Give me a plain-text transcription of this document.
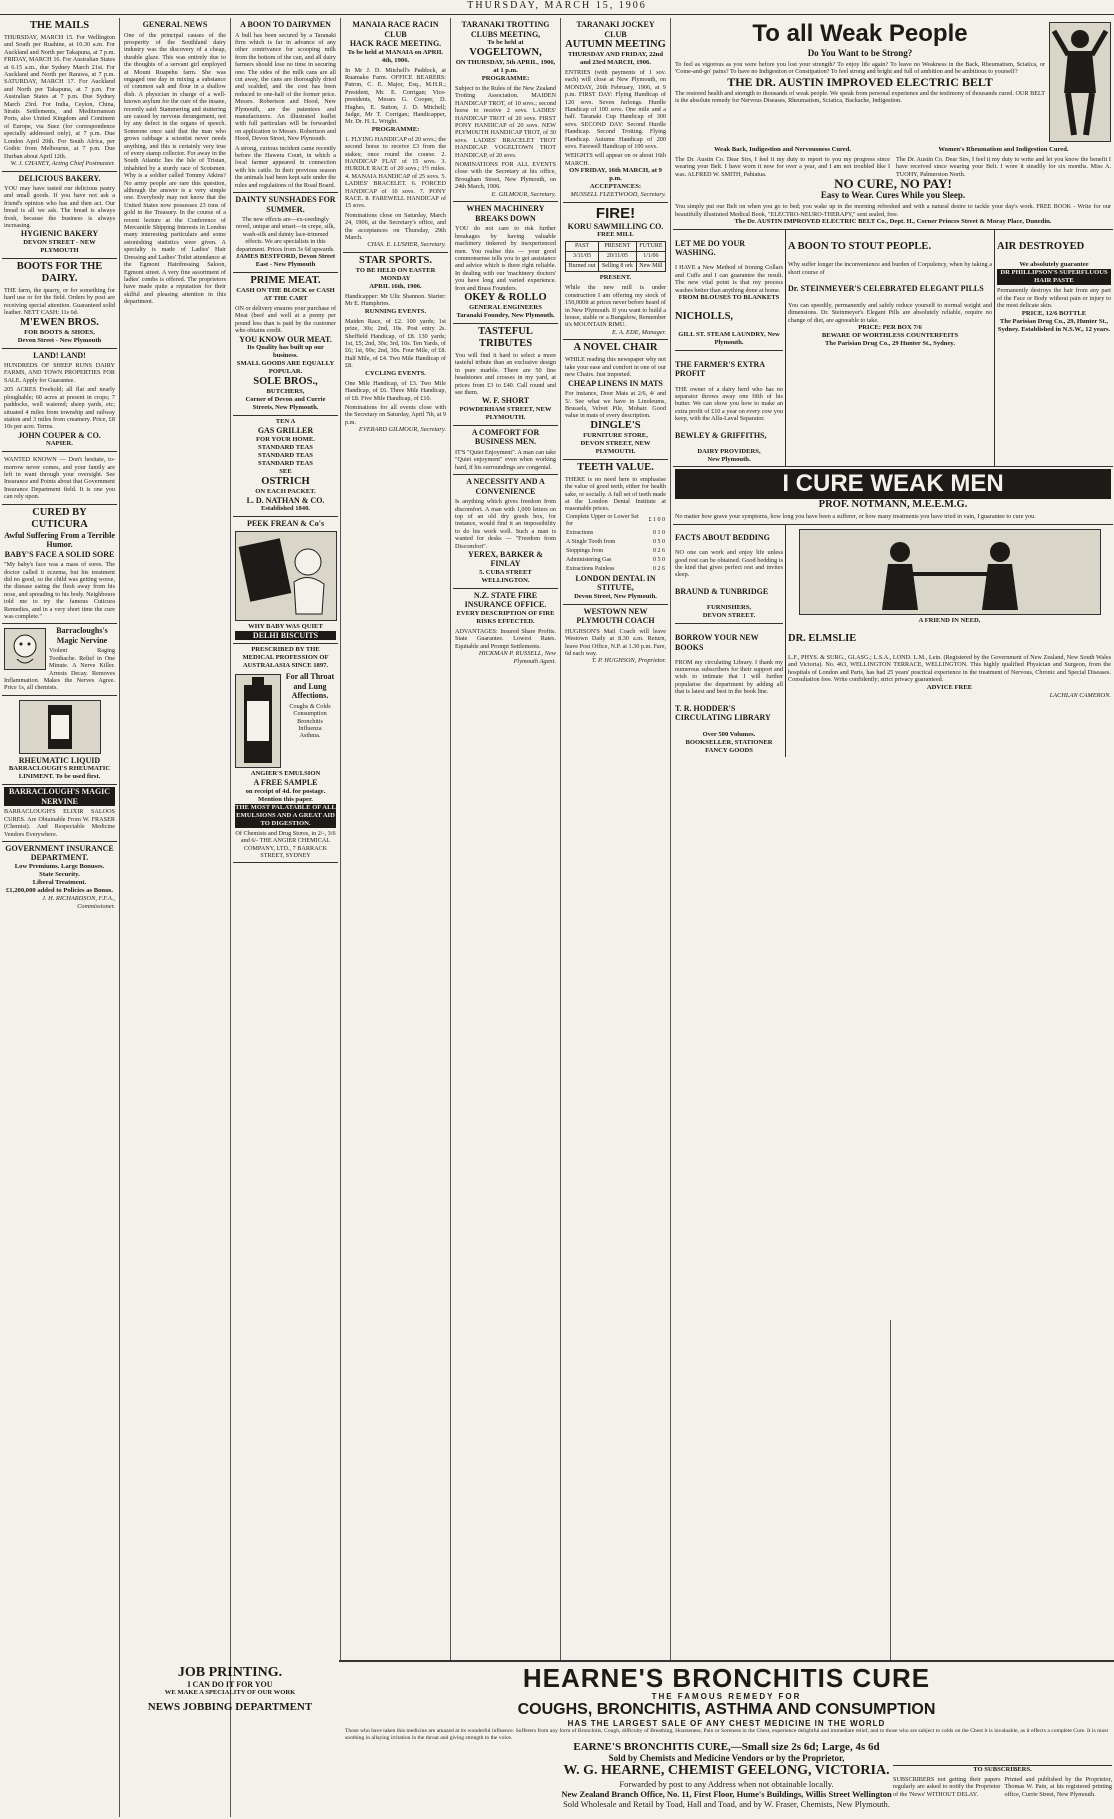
THURSDAY, MARCH 15, 1906
THE MAILS
THURSDAY, MARCH 15. For Wellington and South per Ruahine, at 10.30 a.m. For Auckland and North per Takapuna, at 7 p.m. FRIDAY, MARCH 16. For Australian States at 6.15 a.m., due Sydney March 21st. For Auckland and North per Rarawa, at 7 p.m. SATURDAY, MARCH 17. For Auckland and North per Takapuna, at 7 p.m. For Australian States at 7 p.m. Due Sydney March 23rd. For India, Ceylon, China, Straits Settlements, and Mediterranean Ports, also United Kingdom and Continent of Europe, via Suez (for correspondence specially addressed only), at 7 p.m. Due London April 20th. For South Africa, per Gothic from Melbourne, at 7 p.m. Due Durban about April 12th.
W. J. CHANEY, Acting Chief Postmaster.
DELICIOUS BAKERY.
YOU may have tasted our delicious pastry and small goods. If you have not ask a friend's opinion who has and then act. Our bread is all we ask. The bread is always fresh, because the business is always increasing.
HYGIENIC BAKERY
DEVON STREET - NEW PLYMOUTH
BOOTS FOR THE DAIRY.
THE farm, the quarry, or for something for hard use or for the field. Orders by post are receiving special attention. Guaranteed solid leather. NETT CASH: 11s 6d.
M'EWEN BROS.
FOR BOOTS & SHOES,
Devon Street - New Plymouth
LAND! LAND!
HUNDREDS OF SHEEP RUNS DAIRY FARMS, AND TOWN PROPERTIES FOR SALE. Apply for Guarantee.
205 ACRES Freehold; all flat and nearly ploughable; 60 acres at present in crops; 7 paddocks, well watered; sheep yards, etc; situated 4 miles from township and railway station and 3 miles from creamery. Price, £8 10s per acre. Terms.
JOHN COUPER & CO.
NAPIER.
WANTED KNOWN — Don't hesitate, to-morrow never comes, and your family are left in want through your oversight. See Insurance and Points about that Government Insurance Department field. It is one you can rely upon.
CURED BY CUTICURA
Awful Suffering From a Terrible Humor.
BABY'S FACE A SOLID SORE
"My baby's face was a mass of sores. The doctor called it eczema, but his treatment did no good, so the child was getting worse, the disease eating the flesh away from his nose, and spreading to his body. Neighbours told me to try the famous Cuticura Remedies, and in a very short time the cure was complete."
Barracloughs's Magic Nervine
Violent Raging Toothache. Relief in One Minute. A Nerve Killer. Arrests Decay. Removes Inflammation. Makes the Nerves Agree. Price 1s, all chemists.
RHEUMATIC LIQUID
BARRACLOUGH'S RHEUMATIC LINIMENT. To be used first.
BARRACLOUGH'S MAGIC NERVINE
BARRACLOUGH'S ELIXIR SALOOS CURES. Are Obtainable From W. FRASER (Chemist). And Respectable Medicine Vendors Everywhere.
GOVERNMENT INSURANCE DEPARTMENT.
Low Premiums. Large Bonuses.
State Security.
Liberal Treatment.
£1,200,000 added to Policies as Bonus.
J. H. RICHARDSON, F.F.A., Commissioner.
GENERAL NEWS
One of the principal causes of the prosperity of the Southland dairy industry was the discovery of a cheap, durable glaze. This was entirely due to the thoughts of a servant girl employed at Mount Ruapehu farm. She was engaged one day in mixing a substance of common salt and flour in a shallow dish. A physician in charge of a well-known asylum for the cure of the insane, recently said: Stammering and stuttering are caused by nervous derangement, not by any defect in the organs of speech. Someone once said that the man who grows cabbage a scientist never needs anything, and this is certainly very true of every stamp collector. For away in the South Atlantic lies the Isle of Tristan, inhabited by a sturdy race of Scotsmen. Why is a soldier called Tommy Atkins? No army people are rare this question, although the answer is a very simple one. Everybody may not know that the United States now possesses 23 tons of gold in the Treasury. In the course of a recent lecture at the Conference of Mercantile Shipping Interests in London many interesting particulars and some astonishing statistics were given. A specialty is made of Ladies' Hair Dressing and Ladies' Toilet attendance at the Egmont Hairdressing Saloon, Egmont street. A very fine assortment of ladies' combs is offered. The proprietors have made quite a reputation for their skilful and pleasing attention in this department.
A BOON TO DAIRYMEN
A bull has been secured by a Taranaki firm which is far in advance of any other contrivance for scooping milk from the bottom of the can, and all dairy farmers should lose no time in securing one. The sides of the milk cans are all cut away, the cans are thoroughly dried and scalded, and the cost has been reduced to one-half of the former price. Messrs. Robertson and Hood, New Plymouth, are the patentees and manufacturers. An illustrated leaflet with full particulars will be forwarded on application to Messrs. Robertson and Hood, Devon Street, New Plymouth.
A strong, curious incident came recently before the Hawera Court, in which a local farmer appeared in connection with his cattle. In their previous season the animals had been kept safe under the rules and regulations of the Road Board.
DAINTY SUNSHADES FOR SUMMER.
The new effects are—ex-ceedingly novel, unique and smart—in crepe, silk, wash-silk and dainty lace-trimmed effects. We are specialists in this department. Prices from 3s 6d upwards.
JAMES BESTFORD, Devon Street East - New Plymouth
PRIME MEAT.
CASH ON THE BLOCK or CASH AT THE CART
ON or delivery ensures your purchase of Meat (beef and well at a penny per pound less than is paid by the customer who obtains credit.
YOU KNOW OUR MEAT.
Its Quality has built up our business.
SMALL GOODS ARE EQUALLY POPULAR.
SOLE BROS.,
BUTCHERS,
Corner of Devon and Currie Streets, New Plymouth.
TEN A
GAS GRILLER
FOR YOUR HOME.
STANDARD TEAS
STANDARD TEAS
STANDARD TEAS
SEE
OSTRICH
ON EACH PACKET.
L. D. NATHAN & CO.
Established 1840.
PEEK FREAN & Co's
WHY BABY WAS QUIET
DELHI BISCUITS
PRESCRIBED BY THE MEDICAL PROFESSION OF AUSTRALASIA SINCE 1897.
For all Throat and Lung Affections.
Coughs & Colds
Consumption
Bronchitis
Influenza
Asthma.
ANGIER'S EMULSION
A FREE SAMPLE
on receipt of 4d. for postage.
Mention this paper.
THE MOST PALATABLE OF ALL EMULSIONS AND A GREAT AID TO DIGESTION.
Of Chemists and Drug Stores, in 2/-, 3/6 and 6/- THE ANGIER CHEMICAL COMPANY, LTD., 7 BARRACK STREET, SYDNEY
JOB PRINTING.
I CAN DO IT FOR YOU
WE MAKE A SPECIALITY OF OUR WORK
NEWS JOBBING DEPARTMENT
MANAIA RACE RACIN CLUB
HACK RACE MEETING.
To be held at MANAIA on APRIL 4th, 1906.
In Mr J. D. Mitchell's Paddock, at Ruamaku Farm. OFFICE BEARERS: Patron, C. E. Major, Esq., M.H.R.; President, Mr. E. Corrigan; Vice-presidents, Messrs G. Cooper, D. Hughes, E. Sutton, J. D. Mitchell; Judge, Mr T. Corrigan; Handicapper, Mr. Dr. H. L. Wright.
PROGRAMME:
1. FLYING HANDICAP of 20 sovs.; the second horse to receive £3 from the stakes; once round the course. 2. HANDICAP FLAT of 15 sovs. 3. HURDLE RACE of 20 sovs.; 1½ miles. 4. MANAIA HANDICAP of 25 sovs. 5. LADIES' BRACELET. 6. FORCED HANDICAP of 10 sovs. 7. PONY RACE. 8. FAREWELL HANDICAP of 15 sovs.
Nominations close on Saturday, March 24, 1906, at the Secretary's office, and the acceptances on Thursday, 29th March.
CHAS. E. LUSHER, Secretary.
STAR SPORTS.
TO BE HELD ON EASTER MONDAY
APRIL 16th, 1906.
Handicapper: Mr Ulic Shannon. Starter: Mr E. Humphries.
RUNNING EVENTS.
Maiden Race, of £2. 100 yards; 1st prize, 30s; 2nd, 10s. Post entry 2s. Sheffield Handicap, of £8. 130 yards; 1st, £5; 2nd, 30s; 3rd, 10s. Ten Yards, of £6; 1st, 90s; 2nd, 30s. Four Mile, of £8. Half Mile, of £4. Two Mile Handicap of £8.
CYCLING EVENTS.
One Mile Handicap, of £3. Two Mile Handicap, of £6. Three Mile Handicap, of £8. Five Mile Handicap, of £10.
Nominations for all events close with the Secretary on Saturday, April 7th, at 9 p.m.
EVERARD GILMOUR, Secretary.
TARANAKI TROTTING CLUBS MEETING,
To be held at
VOGELTOWN,
ON THURSDAY, 5th APRIL, 1906,
at 1 p.m.
PROGRAMME:
Subject to the Rules of the New Zealand Trotting Association. MAIDEN HANDICAP TROT, of 10 sovs.; second horse to receive 2 sovs. LADIES' HANDICAP TROT of 20 sovs. FIRST PONY HANDICAP of 20 sovs. NEW PLYMOUTH HANDICAP TROT, of 30 sovs. LADIES' BRACELET TROT HANDICAP. VOGELTOWN TROT HANDICAP, of 20 sovs.
NOMINATIONS FOR ALL EVENTS close with the Secretary at his office, Brougham Street, New Plymouth, on 24th March, 1906.
E. GILMOUR, Secretary.
WHEN MACHINERY BREAKS DOWN
YOU do not care to risk further breakages by having valuable machinery tinkered by inexperienced men. You realise this — your good commonsense tells you to get assistance and advice which is there right reliable. In dealing with our 'machinery doctors' you have long and varied experience. Iron and Brass Founders.
OKEY & ROLLO
GENERAL ENGINEERS
Taranaki Foundry, New Plymouth.
TASTEFUL TRIBUTES
You will find it hard to select a more tasteful tribute than an exclusive design in pure marble. There are 50 fine headstones and crosses in my yard, at prices from £3 to £40. Call round and see them.
W. F. SHORT
POWDERHAM STREET, NEW PLYMOUTH.
A COMFORT FOR BUSINESS MEN.
IT'S "Quiet Enjoyment". A man can take "Quiet enjoyment" even when working hard, if his surroundings are congenial.
A NECESSITY AND A CONVENIENCE
Is anything which gives freedom from discomfort. A man with 1,000 letters on top of an old dry goods box, for instance, would find it an impossibility to do his work well. Such a man is wanted for desks — "Freedom from Discomfort".
YEREX, BARKER & FINLAY
5. CUBA STREET WELLINGTON.
N.Z. STATE FIRE INSURANCE OFFICE.
EVERY DESCRIPTION OF FIRE RISKS EFFECTED.
ADVANTAGES: Insured Share Profits. State Guarantee. Lowest Rates. Equitable and Prompt Settlements.
HICKMAN P. RUSSELL, New Plymouth Agent.
TARANAKI JOCKEY CLUB
AUTUMN MEETING
THURSDAY AND FRIDAY, 22nd and 23rd MARCH, 1906.
ENTRIES (with payments of 1 sov. each) will close at New Plymouth, on MONDAY, 26th February, 1906, at 9 p.m. FIRST DAY: Flying Handicap of 120 sovs. Seven furlongs. Hurdle Handicap of 100 sovs. One mile and a half. Taranaki Cup Handicap of 300 sovs. SECOND DAY: Second Hurdle Handicap. Second Trotting. Flying Handicap. Autumn Handicap of 200 sovs. Farewell Handicap of 100 sovs.
WEIGHTS will appear on or about 16th MARCH.
ON FRIDAY, 16th MARCH, at 9 p.m.
ACCEPTANCES:
MUSSELL FLEETWOOD, Secretary.
FIRE!
KORU SAWMILLING CO.
FREE MILL
PAST	PRESENT	FUTURE
3/11/05	20/11/05	1/1/06
Burned out	Selling 8 ork	New Mill
PRESENT.
While the new mill is under construction I am offering my stock of 150,000ft at prices never before heard of in New Plymouth. If you want to build a house, stable or a Bungalow, Remember it's MOUNTAIN RIMU.
E. A. EDE, Manager.
A NOVEL CHAIR
WHILE reading this newspaper why not take your ease and comfort in one of our new Chairs. Just imported.
CHEAP LINENS IN MATS
For instance, Door Mats at 2/6, 4/ and 5/. See what we have in Linoleums, Brussels, Velvet Pile, Mohair. Good value in mats of every description.
DINGLE'S
FURNITURE STORE,
DEVON STREET, NEW PLYMOUTH.
TEETH VALUE.
THERE is no need here to emphasise the value of good teeth, either for health sake, or socially. A full set of teeth made at the London Dental Institute at reasonable prices.
Complete Upper or Lower Set for	£ 1 0 0
Extractions	0 1 0
A Single Tooth from	0 5 0
Stoppings from	0 2 6
Administering Gas	0 5 0
Extractions Painless	0 2 6
LONDON DENTAL IN STITUTE,
Devon Street, New Plymouth.
WESTOWN NEW PLYMOUTH COACH
HUGHSON'S Mail Coach will leave Westown Daily at 8.30 a.m. Return, leave Post Office, N.P. at 1.30 p.m. Fare, 6d each way.
T. P. HUGHSON, Proprietor.
To all Weak People
Do You Want to be Strong?
To feel as vigorous as you were before you lost your strength? To enjoy life again? To leave no Weakness in the Back, Rheumatism, Sciatica, or 'Come-and-go' pains? To have no Indigestion or Constipation? To feel strong and bright and full of ambition and be ambitious to yourself?
THE DR. AUSTIN IMPROVED ELECTRIC BELT
The restored health and strength to thousands of weak people. We speak from personal experience and the testimony of thousands cured. OUR BELT is the absolute remedy for Nervous Diseases, Rheumatism, Sciatica, Backache, Indigestion.
Weak Back, Indigestion and Nervousness Cured.
The Dr. Austin Co. Dear Sirs, I feel it my duty to report to you my progress since wearing your Belt. I have worn it now for over a year, and I am not troubled like I was. ALFRED W. SMITH, Pahiatua.
Women's Rheumatism and Indigestion Cured.
The Dr. Austin Co. Dear Sirs, I feel it my duty to write and let you know the benefit I have received since wearing your Belt. I wore it steadily for six months. Miss A. TUOHY, Palmerston North.
NO CURE, NO PAY!
Easy to Wear. Cures While you Sleep.
You simply put our Belt on when you go to bed; you wake up in the morning refreshed and with a natural desire to tackle your day's work. FREE BOOK - Write for our beautifully illustrated Medical Book, "ELECTRO-NEURO-THERAPY," sent sealed, free.
The Dr. AUSTIN IMPROVED ELECTRIC BELT Co., Dept. H., Corner Princes Street & Moray Place, Dunedin.
LET ME DO YOUR WASHING.
I HAVE a New Method of Ironing Collars and Cuffs and I can guarantee the result. The new vital point is that my process washes better than anything done at home.
FROM BLOUSES TO BLANKETS
NICHOLLS,
GILL ST. STEAM LAUNDRY, New Plymouth.
THE FARMER'S EXTRA PROFIT
THE owner of a dairy herd who has no separator throws away one fifth of his butter. We can show you how to make an extra profit of £10 a year on every cow you keep, with the Alfa-Laval Separator.
BEWLEY & GRIFFITHS,
DAIRY PROVIDERS,
New Plymouth.
A BOON TO STOUT PEOPLE.
Why suffer longer the inconvenience and burden of Corpulency, when by taking a short course of
Dr. STEINMEYER'S CELEBRATED ELEGANT PILLS
You can speedily, permanently and safely reduce yourself to normal weight and dimensions. Dr. Steinmeyer's Elegant Pills are absolutely reliable, require no change of diet, are agreeable to take.
PRICE: PER BOX 7/6
BEWARE OF WORTHLESS COUNTERFEITS
The Parisian Drug Co., 29 Hunter St., Sydney.
AIR DESTROYED
We absolutely guarantee
DR PHILLIPSON'S SUPERFLUOUS HAIR PASTE
Permanently destroys the hair from any part of the Face or Body without pain or injury to the most delicate skin.
PRICE, 12/6 BOTTLE
The Parisian Drug Co., 29, Hunter St., Sydney. Established in N.S.W., 12 years.
I CURE WEAK MEN
PROF. NOTMANN, M.E.E.M.G.
No matter how grave your symptoms, how long you have been a sufferer, or how many treatments you have tried in vain, I guarantee to cure you.
FACTS ABOUT BEDDING
NO one can work and enjoy life unless good rest can be obtained. Good bedding is the kind that gives perfect rest and invites sleep.
BRAUND & TUNBRIDGE
FURNISHERS,
DEVON STREET.
BORROW YOUR NEW BOOKS
FROM my circulating Library. I thank my numerous subscribers for their support and wish to intimate that I will further popularise the department by adding all that is latest and best in the book line.
T. R. HODDER'S CIRCULATING LIBRARY
Over 500 Volumes.
BOOKSELLER, STATIONER FANCY GOODS
A FRIEND IN NEED,
DR. ELMSLIE
L.F., PHYS. & SURG., GLASG.; L.S.A., LOND. L.M., Lein. (Registered by the Government of New Zealand, New South Wales and Victoria). No. 463, WELLINGTON TERRACE, WELLINGTON. This highly qualified Physician and Surgeon, from the hospitals of London and Paris, has had 25 years' practical experience in the treatment of Nervous, Chronic and Special Diseases. Consultation free. Write confidently; strict privacy guaranteed.
ADVICE FREE
LACHLAN CAMERON.
HEARNE'S BRONCHITIS CURE
THE FAMOUS REMEDY FOR
COUGHS, BRONCHITIS, ASTHMA AND CONSUMPTION
HAS THE LARGEST SALE OF ANY CHEST MEDICINE IN THE WORLD
Those who have taken this medicine are amazed at its wonderful influence. Sufferers from any form of Bronchitis, Cough, difficulty of Breathing, Hoarseness, Pain or Soreness in the Chest, experience delightful and immediate relief, and to those who are subject to colds on the Chest it is invaluable, as it effects a complete Cure. It is most soothing in allaying irritation in the throat and giving strength to the voice.
EARNE'S BRONCHITIS CURE,—Small size 2s 6d; Large, 4s 6d
Sold by Chemists and Medicine Vendors or by the Proprietor,
W. G. HEARNE, CHEMIST GEELONG, VICTORIA.
Forwarded by post to any Address when not obtainable locally.
New Zealand Branch Office, No. 11, First Floor, Hume's Buildings, Willis Street Wellington
Sold Wholesale and Retail by Toad, Hall and Toad, and by W. Fraser, Chemists, New Plymouth.
TO SUBSCRIBERS.
SUBSCRIBERS not getting their papers regularly are asked to notify the Proprietor of the 'News' WITHOUT DELAY.
Printed and published by the Proprietor, Thomas W. Pain, at his registered printing office, Currie Street, New Plymouth.
